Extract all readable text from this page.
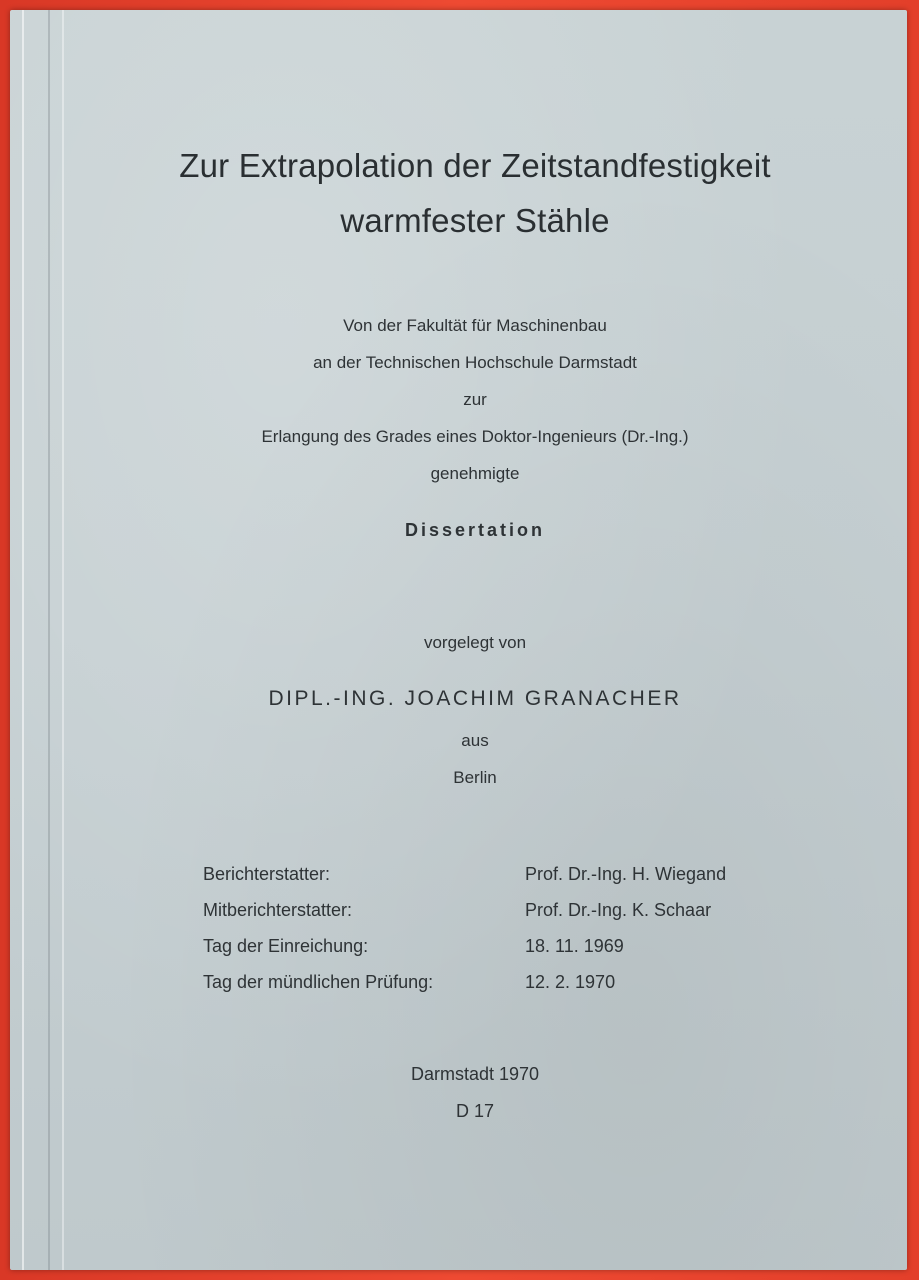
Zur Extrapolation der Zeitstandfestigkeit
warmfester Stähle
Von der Fakultät für Maschinenbau
an der Technischen Hochschule Darmstadt
zur
Erlangung des Grades eines Doktor-Ingenieurs (Dr.-Ing.)
genehmigte
Dissertation
vorgelegt von
DIPL.-ING. JOACHIM GRANACHER
aus
Berlin
Berichterstatter:	Prof. Dr.-Ing. H. Wiegand
Mitberichterstatter:	Prof. Dr.-Ing. K. Schaar
Tag der Einreichung:	18. 11. 1969
Tag der mündlichen Prüfung:	12. 2. 1970
Darmstadt 1970
D 17
